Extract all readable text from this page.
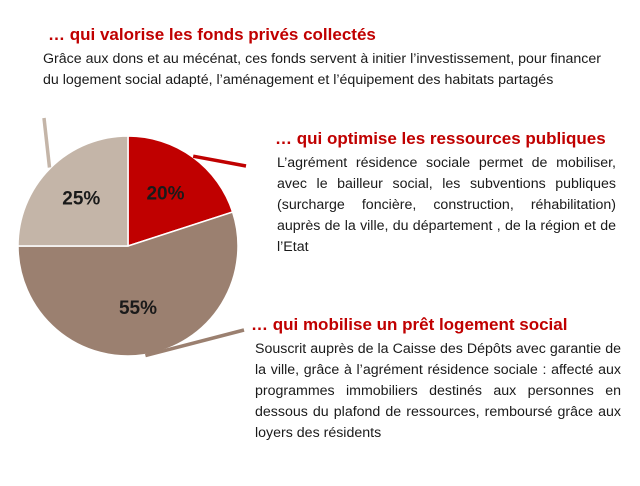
20%
55%
25%

… qui valorise les fonds privés collectés

Grâce aux dons et au mécénat, ces fonds servent à initier l’investissement, pour financer du logement social adapté, l’aménagement et l’équipement des habitats partagés

… qui optimise les ressources publiques

L’agrément résidence sociale permet de mobiliser, avec le bailleur social, les subventions publiques (surcharge foncière, construction, réhabilitation) auprès de la ville, du département , de la région et de l’Etat

… qui mobilise un prêt logement social

Souscrit auprès de la Caisse des Dépôts avec garantie de la ville, grâce à l’agrément résidence sociale : affecté aux programmes immobiliers destinés aux personnes en dessous du plafond de ressources, remboursé grâce aux loyers des résidents
